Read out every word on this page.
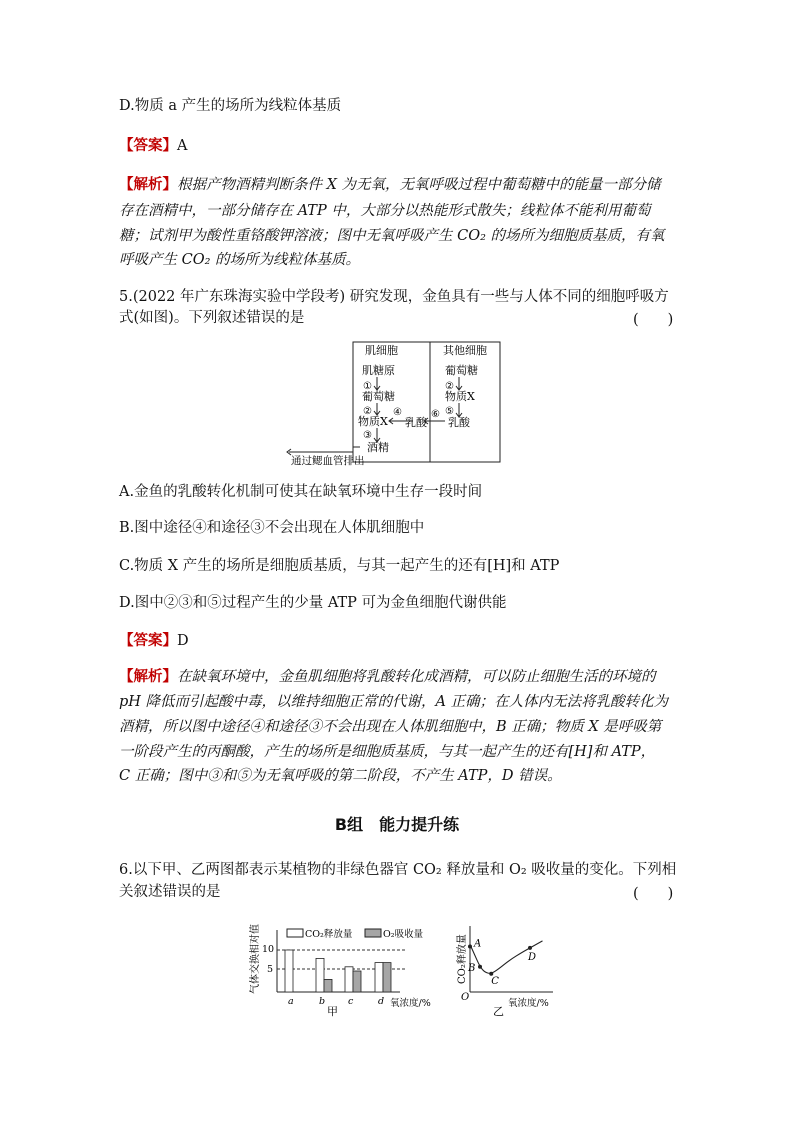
D.物质 a 产生的场所为线粒体基质
【答案】A
【解析】根据产物酒精判断条件 X 为无氧，无氧呼吸过程中葡萄糖中的能量一部分储
存在酒精中，一部分储存在 ATP 中，大部分以热能形式散失；线粒体不能利用葡萄
糖；试剂甲为酸性重铬酸钾溶液；图中无氧呼吸产生 CO₂ 的场所为细胞质基质，有氧
呼吸产生 CO₂ 的场所为线粒体基质。
5.(2022 年广东珠海实验中学段考) 研究发现，金鱼具有一些与人体不同的细胞呼吸方
式(如图)。下列叙述错误的是	(　　)
肌细胞	其他细胞
肌糖原
①
葡萄糖
②
物质X
④
乳酸
③
酒精
通过鳃血管排出
葡萄糖
②
物质X
⑤
乳酸
⑥
A.金鱼的乳酸转化机制可使其在缺氧环境中生存一段时间
B.图中途径④和途径③不会出现在人体肌细胞中
C.物质 X 产生的场所是细胞质基质，与其一起产生的还有[H]和 ATP
D.图中②③和⑤过程产生的少量 ATP 可为金鱼细胞代谢供能
【答案】D
【解析】在缺氧环境中，金鱼肌细胞将乳酸转化成酒精，可以防止细胞生活的环境的
pH 降低而引起酸中毒，以维持细胞正常的代谢，A 正确；在人体内无法将乳酸转化为
酒精，所以图中途径④和途径③不会出现在人体肌细胞中，B 正确；物质 X 是呼吸第
一阶段产生的丙酮酸，产生的场所是细胞质基质，与其一起产生的还有[H]和 ATP，
C 正确；图中③和⑤为无氧呼吸的第二阶段，不产生 ATP，D 错误。
B组　能力提升练
6.以下甲、乙两图都表示某植物的非绿色器官 CO₂ 释放量和 O₂ 吸收量的变化。下列相
关叙述错误的是	(　　)
气体交换相对值 5
10
CO₂释放量	O₂吸收量
氧浓度/%
甲
a	b c	d
CO₂释放量
O
氧浓度/%
乙
A
B
C
D
